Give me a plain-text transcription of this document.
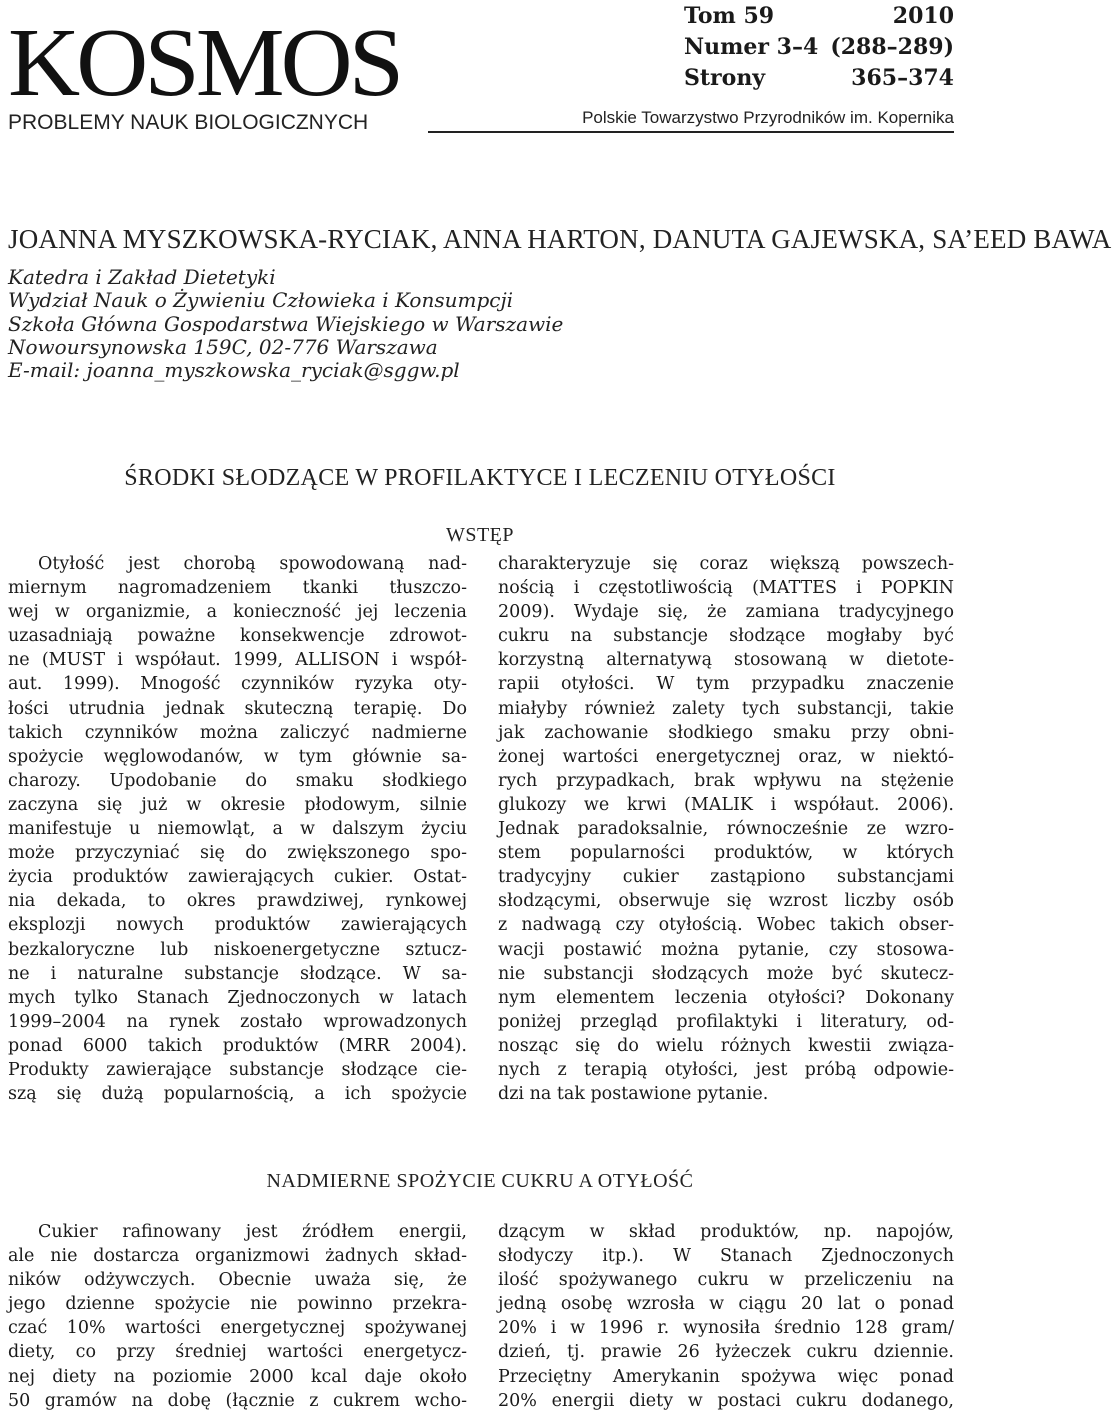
KOSMOS
PROBLEMY NAUK BIOLOGICZNYCH
Tom 59	2010
Numer 3–4 (288–289)
Strony	365–374
Polskie Towarzystwo Przyrodników im. Kopernika
JOANNA MYSZKOWSKA-RYCIAK, ANNA HARTON, DANUTA GAJEWSKA, SA’EED BAWA
Katedra i Zakład Dietetyki
Wydział Nauk o Żywieniu Człowieka i Konsumpcji
Szkoła Główna Gospodarstwa Wiejskiego w Warszawie
Nowoursynowska 159C, 02-776 Warszawa
E-mail: joanna_myszkowska_ryciak@sggw.pl
ŚRODKI SŁODZĄCE W PROFILAKTYCE I LECZENIU OTYŁOŚCI
WSTĘP
Otyłość jest chorobą spowodowaną nad-
miernym nagromadzeniem tkanki tłuszczo-
wej w organizmie, a konieczność jej leczenia
uzasadniają poważne konsekwencje zdrowot-
ne (MUST i współaut. 1999, ALLISON i współ-
aut. 1999). Mnogość czynników ryzyka oty-
łości utrudnia jednak skuteczną terapię. Do
takich czynników można zaliczyć nadmierne
spożycie węglowodanów, w tym głównie sa-
charozy. Upodobanie do smaku słodkiego
zaczyna się już w okresie płodowym, silnie
manifestuje u niemowląt, a w dalszym życiu
może przyczyniać się do zwiększonego spo-
życia produktów zawierających cukier. Ostat-
nia dekada, to okres prawdziwej, rynkowej
eksplozji nowych produktów zawierających
bezkaloryczne lub niskoenergetyczne sztucz-
ne i naturalne substancje słodzące. W sa-
mych tylko Stanach Zjednoczonych w latach
1999–2004 na rynek zostało wprowadzonych
ponad 6000 takich produktów (MRR 2004).
Produkty zawierające substancje słodzące cie-
szą się dużą popularnością, a ich spożycie
charakteryzuje się coraz większą powszech-
nością i częstotliwością (MATTES i POPKIN
2009). Wydaje się, że zamiana tradycyjnego
cukru na substancje słodzące mogłaby być
korzystną alternatywą stosowaną w dietote-
rapii otyłości. W tym przypadku znaczenie
miałyby również zalety tych substancji, takie
jak zachowanie słodkiego smaku przy obni-
żonej wartości energetycznej oraz, w niektó-
rych przypadkach, brak wpływu na stężenie
glukozy we krwi (MALIK i współaut. 2006).
Jednak paradoksalnie, równocześnie ze wzro-
stem popularności produktów, w których
tradycyjny cukier zastąpiono substancjami
słodzącymi, obserwuje się wzrost liczby osób
z nadwagą czy otyłością. Wobec takich obser-
wacji postawić można pytanie, czy stosowa-
nie substancji słodzących może być skutecz-
nym elementem leczenia otyłości? Dokonany
poniżej przegląd profilaktyki i literatury, od-
nosząc się do wielu różnych kwestii związa-
nych z terapią otyłości, jest próbą odpowie-
dzi na tak postawione pytanie.
NADMIERNE SPOŻYCIE CUKRU A OTYŁOŚĆ
Cukier rafinowany jest źródłem energii,
ale nie dostarcza organizmowi żadnych skład-
ników odżywczych. Obecnie uważa się, że
jego dzienne spożycie nie powinno przekra-
czać 10% wartości energetycznej spożywanej
diety, co przy średniej wartości energetycz-
nej diety na poziomie 2000 kcal daje około
50 gramów na dobę (łącznie z cukrem wcho-
dzącym w skład produktów, np. napojów,
słodyczy itp.). W Stanach Zjednoczonych
ilość spożywanego cukru w przeliczeniu na
jedną osobę wzrosła w ciągu 20 lat o ponad
20% i w 1996 r. wynosiła średnio 128 gram/
dzień, tj. prawie 26 łyżeczek cukru dziennie.
Przeciętny Amerykanin spożywa więc ponad
20% energii diety w postaci cukru dodanego,
